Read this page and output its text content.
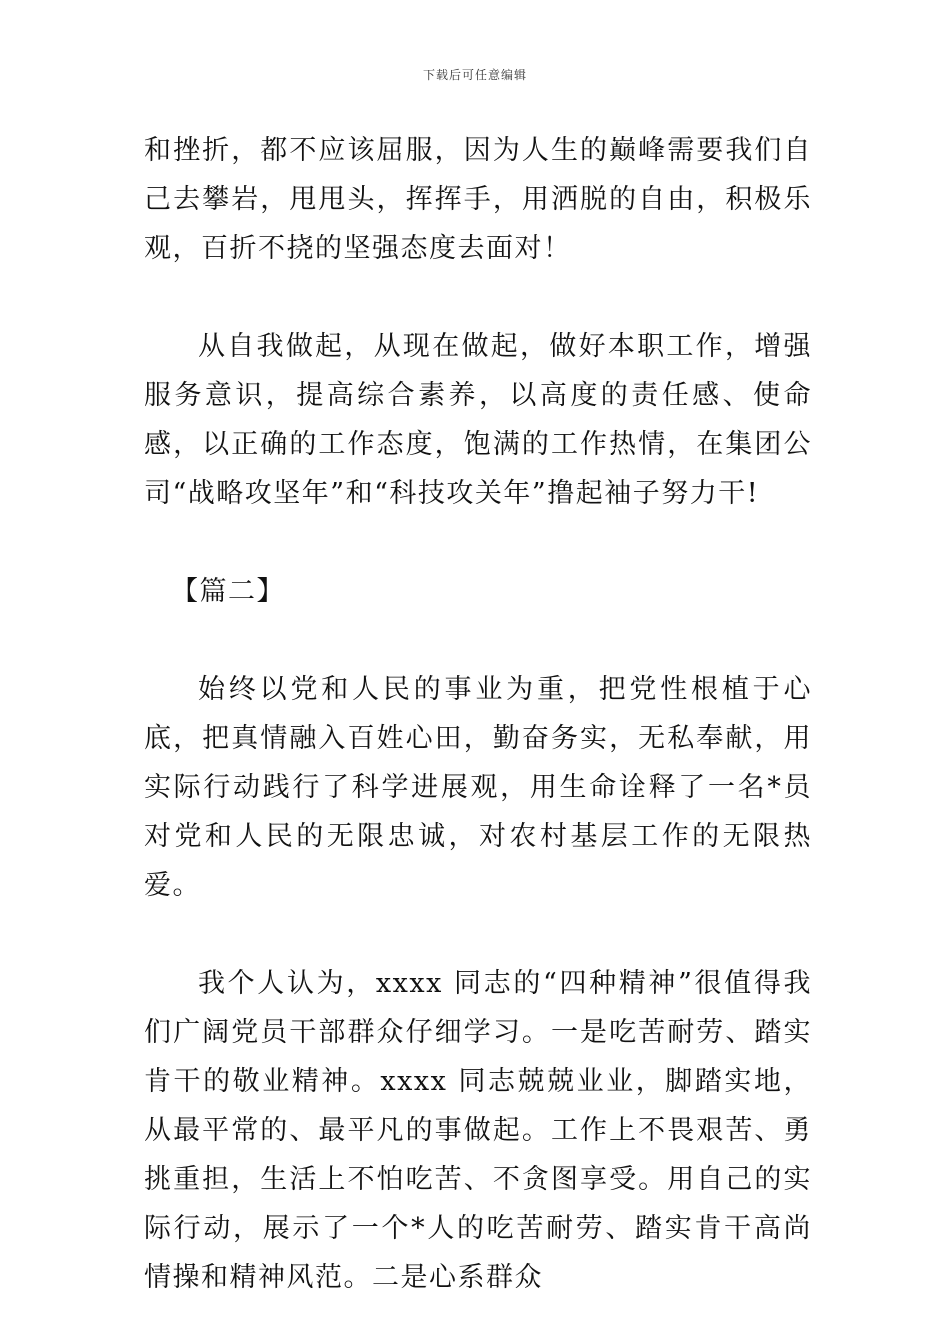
下载后可任意编辑

和挫折，都不应该屈服，因为人生的巅峰需要我们自己去攀岩，甩甩头，挥挥手，用洒脱的自由，积极乐观，百折不挠的坚强态度去面对！

从自我做起，从现在做起，做好本职工作，增强服务意识，提高综合素养，以高度的责任感、使命感，以正确的工作态度，饱满的工作热情，在集团公司“战略攻坚年”和“科技攻关年”撸起袖子努力干!

【篇二】

始终以党和人民的事业为重，把党性根植于心底，把真情融入百姓心田，勤奋务实，无私奉献，用实际行动践行了科学进展观，用生命诠释了一名*员对党和人民的无限忠诚，对农村基层工作的无限热爱。

我个人认为，xxxx 同志的“四种精神”很值得我们广阔党员干部群众仔细学习。一是吃苦耐劳、踏实肯干的敬业精神。xxxx 同志兢兢业业，脚踏实地，从最平常的、最平凡的事做起。工作上不畏艰苦、勇挑重担，生活上不怕吃苦、不贪图享受。用自己的实际行动，展示了一个*人的吃苦耐劳、踏实肯干高尚情操和精神风范。二是心系群众
